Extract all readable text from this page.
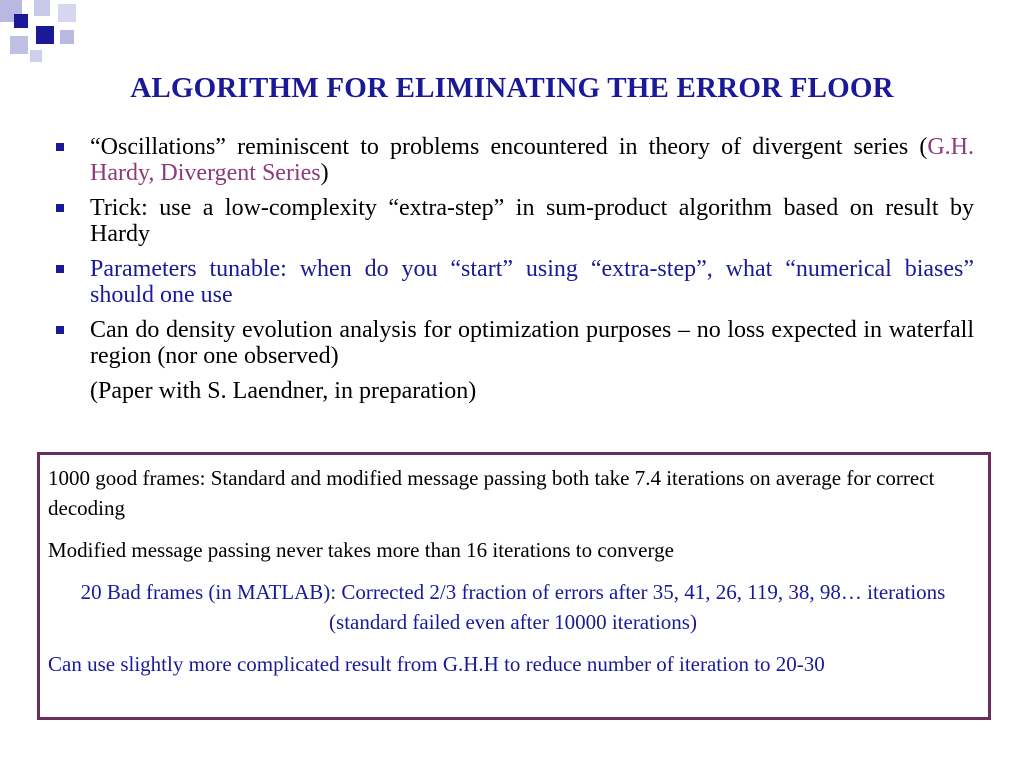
ALGORITHM FOR ELIMINATING THE ERROR FLOOR
“Oscillations” reminiscent to problems encountered in theory of divergent series (G.H. Hardy, Divergent Series)
Trick: use a low-complexity “extra-step” in sum-product algorithm based on result by Hardy
Parameters tunable: when do you “start” using “extra-step”, what “numerical biases” should one use
Can do density evolution analysis for optimization purposes – no loss expected in waterfall region (nor one observed)
(Paper with S. Laendner, in preparation)

1000 good frames: Standard and modified message passing both take 7.4 iterations on average for correct decoding

Modified message passing never takes more than 16 iterations to converge

20 Bad frames (in MATLAB): Corrected 2/3 fraction of errors after 35, 41, 26, 119, 38, 98… iterations (standard failed even after 10000 iterations)

Can use slightly more complicated result from G.H.H to reduce number of iteration to 20-30
